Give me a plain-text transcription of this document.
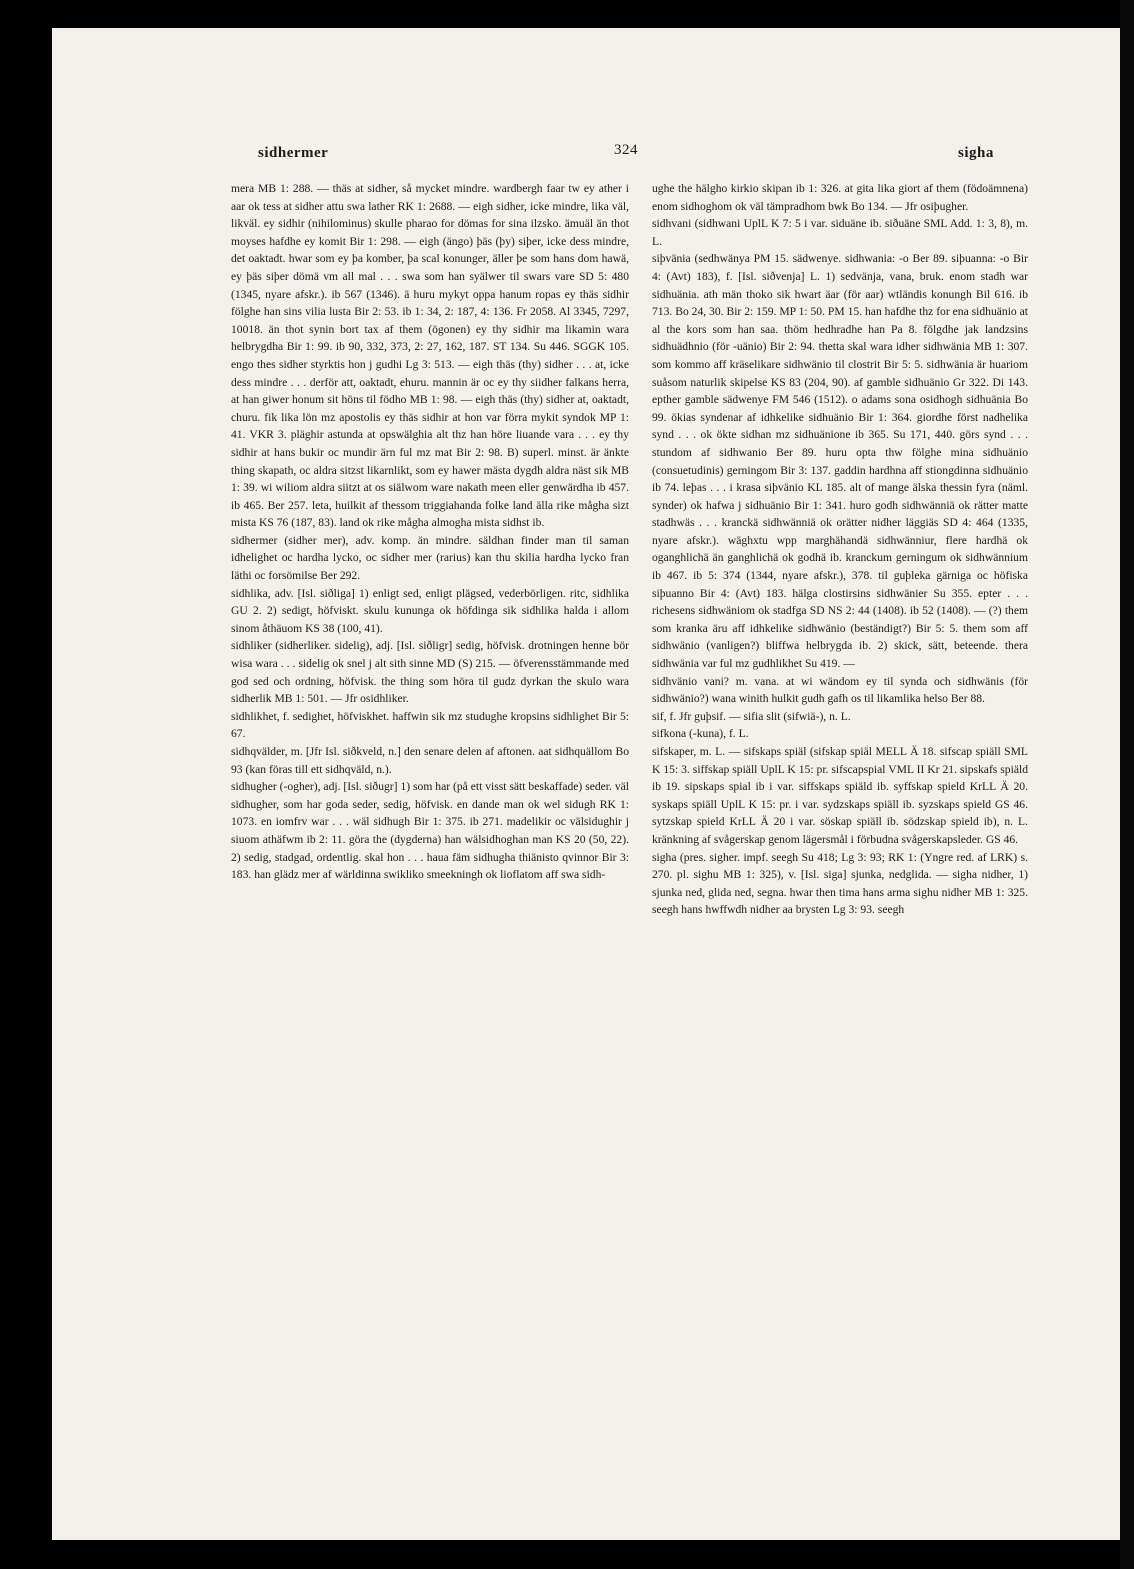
sidhermer	324	sigha

mera MB 1: 288. — thäs at sidher, så mycket mindre. wardbergh faar tw ey ather i aar ok tess at sidher attu swa lather RK 1: 2688. — eigh sidher, icke mindre, lika väl, likväl. ey sidhir (nihilominus) skulle pharao for dömas for sina ilzsko. ämuäl än thot moyses hafdhe ey komit Bir 1: 298. — eigh (ängo) þäs (þy) siþer, icke dess mindre, det oaktadt. hwar som ey þa komber, þa scal konunger, äller þe som hans dom hawä, ey þäs siþer dömä vm all mal . . . swa som han syälwer til swars vare SD 5: 480 (1345, nyare afskr.). ib 567 (1346). ä huru mykyt oppa hanum ropas ey thäs sidhir fölghe han sins vilia lusta Bir 2: 53. ib 1: 34, 2: 187, 4: 136. Fr 2058. Al 3345, 7297, 10018. än thot synin bort tax af them (ögonen) ey thy sidhir ma likamin wara helbrygdha Bir 1: 99. ib 90, 332, 373, 2: 27, 162, 187. ST 134. Su 446. SGGK 105. engo thes sidher styrktis hon j gudhi Lg 3: 513. — eigh thäs (thy) sidher . . . at, icke dess mindre . . . derför att, oaktadt, ehuru. mannin är oc ey thy siidher falkans herra, at han giwer honum sit höns til födho MB 1: 98. — eigh thäs (thy) sidher at, oaktadt, churu. fik lika lön mz apostolis ey thäs sidhir at hon var förra mykit syndok MP 1: 41. VKR 3. pläghir astunda at opswälghia alt thz han höre liuande vara . . . ey thy sidhir at hans bukir oc mundir ärn ful mz mat Bir 2: 98. B) superl. minst. är änkte thing skapath, oc aldra sitzst likarnlikt, som ey hawer mästa dygdh aldra näst sik MB 1: 39. wi wiliom aldra siitzt at os siälwom ware nakath meen eller genwärdha ib 457. ib 465. Ber 257. leta, huilkit af thessom triggiahanda folke land älla rike mågha sizt mista KS 76 (187, 83). land ok rike mågha almogha mista sidhst ib.

sidhermer (sidher mer), adv. komp. än mindre. säldhan finder man til saman idhelighet oc hardha lycko, oc sidher mer (rarius) kan thu skilia hardha lycko fran läthi oc forsömilse Ber 292.

sidhlika, adv. [Isl. siðliga] 1) enligt sed, enligt plägsed, vederbörligen. ritc, sidhlika GU 2. 2) sedigt, höfviskt. skulu kununga ok höfdinga sik sidhlika halda i allom sinom åthäuom KS 38 (100, 41).

sidhliker (sidherliker. sidelig), adj. [Isl. siðligr] sedig, höfvisk. drotningen henne bör wisa wara . . . sidelig ok snel j alt sith sinne MD (S) 215. — öfverensstämmande med god sed och ordning, höfvisk. the thing som höra til gudz dyrkan the skulo wara sidherlik MB 1: 501. — Jfr osidhliker.

sidhlikhet, f. sedighet, höfviskhet. haffwin sik mz studughe kropsins sidhlighet Bir 5: 67.

sidhqvälder, m. [Jfr Isl. siðkveld, n.] den senare delen af aftonen. aat sidhquällom Bo 93 (kan föras till ett sidhqväld, n.).

sidhugher (-ogher), adj. [Isl. siðugr] 1) som har (på ett visst sätt beskaffade) seder. väl sidhugher, som har goda seder, sedig, höfvisk. en dande man ok wel sidugh RK 1: 1073. en iomfrv war . . . wäl sidhugh Bir 1: 375. ib 271. madelikir oc välsidughir j siuom athäfwm ib 2: 11. göra the (dygderna) han wälsidhoghan man KS 20 (50, 22). 2) sedig, stadgad, ordentlig. skal hon . . . haua fäm sidhugha thiänisto qvinnor Bir 3: 183. han glädz mer af wärldinna swikliko smeekningh ok lioflatom aff swa sidh-

ughe the hälgho kirkio skipan ib 1: 326. at gita lika giort af them (födoämnena) enom sidhoghom ok väl tämpradhom bwk Bo 134. — Jfr osiþugher.

sidhvani (sidhwani UplL K 7: 5 i var. siduäne ib. siðuäne SML Add. 1: 3, 8), m. L.

siþvänia (sedhwänya PM 15. sädwenye. sidhwania: -o Ber 89. siþuanna: -o Bir 4: (Avt) 183), f. [Isl. siðvenja] L. 1) sedvänja, vana, bruk. enom stadh war sidhuänia. ath män thoko sik hwart äar (för aar) wtländis konungh Bil 616. ib 713. Bo 24, 30. Bir 2: 159. MP 1: 50. PM 15. han hafdhe thz for ena sidhuänio at al the kors som han saa. thöm hedhradhe han Pa 8. fölgdhe jak landzsins sidhuädhnio (för -uänio) Bir 2: 94. thetta skal wara idher sidhwänia MB 1: 307. som kommo aff kräselikare sidhwänio til clostrit Bir 5: 5. sidhwänia är huariom suåsom naturlik skipelse KS 83 (204, 90). af gamble sidhuänio Gr 322. Di 143. epther gamble sädwenye FM 546 (1512). o adams sona osidhogh sidhuänia Bo 99. ökias syndenar af idhkelike sidhuänio Bir 1: 364. giordhe först nadhelika synd . . . ok ökte sidhan mz sidhuänione ib 365. Su 171, 440. görs synd . . . stundom af sidhwanio Ber 89. huru opta thw fölghe mina sidhuänio (consuetudinis) gerningom Bir 3: 137. gaddin hardhna aff stiongdinna sidhuänio ib 74. leþas . . . i krasa siþvänio KL 185. alt of mange älska thessin fyra (näml. synder) ok hafwa j sidhuänio Bir 1: 341. huro godh sidhwänniä ok rätter matte stadhwäs . . . kranckä sidhwänniä ok orätter nidher läggiäs SD 4: 464 (1335, nyare afskr.). wäghxtu wpp marghähandä sidhwänniur, flere hardhä ok oganghlichä än ganghlichä ok godhä ib. kranckum gerningum ok sidhwännium ib 467. ib 5: 374 (1344, nyare afskr.), 378. til guþleka gärniga oc höfiska siþuanno Bir 4: (Avt) 183. hälga clostirsins sidhwänier Su 355. epter . . . richesens sidhwäniom ok stadfga SD NS 2: 44 (1408). ib 52 (1408). — (?) them som kranka äru aff idhkelike sidhwänio (beständigt?) Bir 5: 5. them som aff sidhwänio (vanligen?) bliffwa helbrygda ib. 2) skick, sätt, beteende. thera sidhwänia var ful mz gudhlikhet Su 419. —

sidhvänio vani? m. vana. at wi wändom ey til synda och sidhwänis (för sidhwänio?) wana winith hulkit gudh gafh os til likamlika helso Ber 88.

sif, f. Jfr guþsif. — sifia slit (sifwiä-), n. L.

sifkona (-kuna), f. L.

sifskaper, m. L. — sifskaps spiäl (sifskap spiäl MELL Ä 18. sifscap spiäll SML K 15: 3. siffskap spiäll UplL K 15: pr. sifscapspial VML II Kr 21. sipskafs spiäld ib 19. sipskaps spial ib i var. siffskaps spiäld ib. syffskap spield KrLL Ä 20. syskaps spiäll UplL K 15: pr. i var. sydzskaps spiäll ib. syzskaps spield GS 46. sytzskap spield KrLL Ä 20 i var. söskap spiäll ib. södzskap spield ib), n. L. kränkning af svågerskap genom lägersmål i förbudna svågerskapsleder. GS 46.

sigha (pres. sigher. impf. seegh Su 418; Lg 3: 93; RK 1: (Yngre red. af LRK) s. 270. pl. sighu MB 1: 325), v. [Isl. siga] sjunka, nedglida. — sigha nidher, 1) sjunka ned, glida ned, segna. hwar then tima hans arma sighu nidher MB 1: 325. seegh hans hwffwdh nidher aa brysten Lg 3: 93. seegh
